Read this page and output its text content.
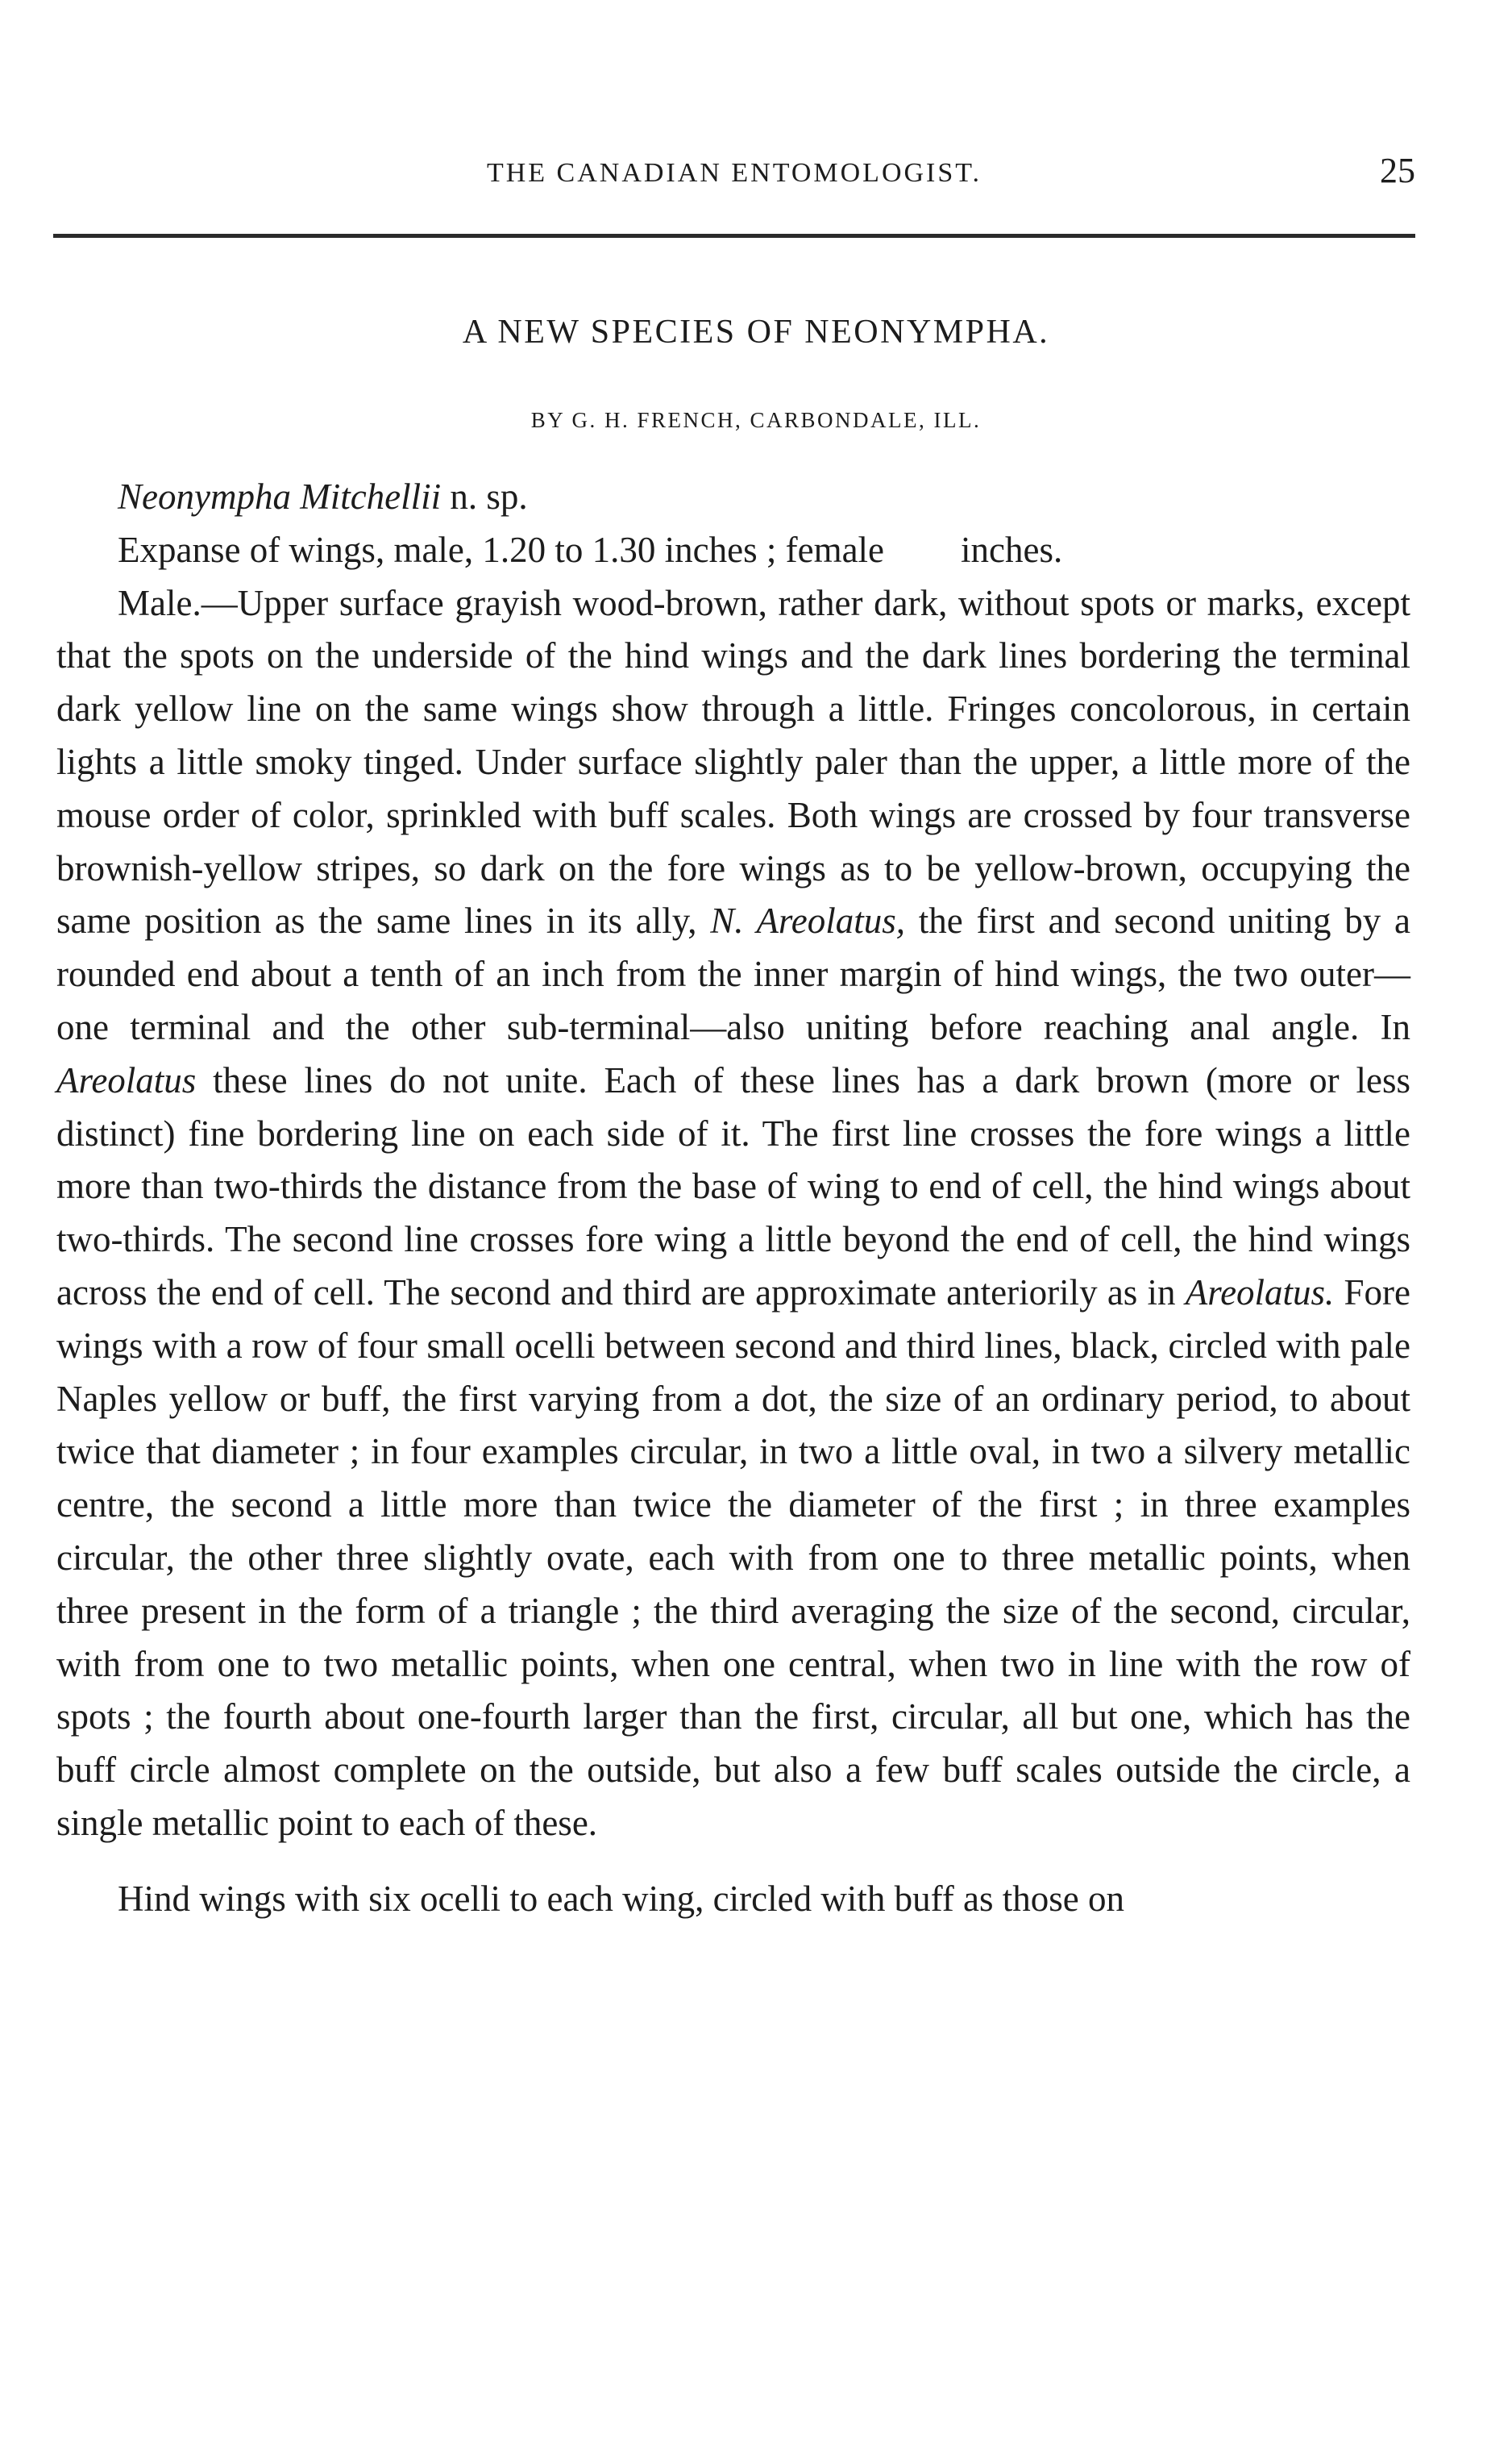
THE CANADIAN ENTOMOLOGIST.	25
A NEW SPECIES OF NEONYMPHA.
BY G. H. FRENCH, CARBONDALE, ILL.

Neonympha Mitchellii n. sp.

Expanse of wings, male, 1.20 to 1.30 inches ; female inches.

Male.—Upper surface grayish wood-brown, rather dark, without spots or marks, except that the spots on the underside of the hind wings and the dark lines bordering the terminal dark yellow line on the same wings show through a little. Fringes concolorous, in certain lights a little smoky tinged. Under surface slightly paler than the upper, a little more of the mouse order of color, sprinkled with buff scales. Both wings are crossed by four transverse brownish-yellow stripes, so dark on the fore wings as to be yellow-brown, occupying the same position as the same lines in its ally, N. Areolatus, the first and second uniting by a rounded end about a tenth of an inch from the inner margin of hind wings, the two outer—one terminal and the other sub-terminal—also uniting before reaching anal angle. In Areolatus these lines do not unite. Each of these lines has a dark brown (more or less distinct) fine bordering line on each side of it. The first line crosses the fore wings a little more than two-thirds the distance from the base of wing to end of cell, the hind wings about two-thirds. The second line crosses fore wing a little beyond the end of cell, the hind wings across the end of cell. The second and third are approximate anteriorily as in Areolatus. Fore wings with a row of four small ocelli between second and third lines, black, circled with pale Naples yellow or buff, the first varying from a dot, the size of an ordinary period, to about twice that diameter ; in four examples circular, in two a little oval, in two a silvery metallic centre, the second a little more than twice the diameter of the first ; in three examples circular, the other three slightly ovate, each with from one to three metallic points, when three present in the form of a triangle ; the third averaging the size of the second, circular, with from one to two metallic points, when one central, when two in line with the row of spots ; the fourth about one-fourth larger than the first, circular, all but one, which has the buff circle almost complete on the outside, but also a few buff scales outside the circle, a single metallic point to each of these.

Hind wings with six ocelli to each wing, circled with buff as those on
